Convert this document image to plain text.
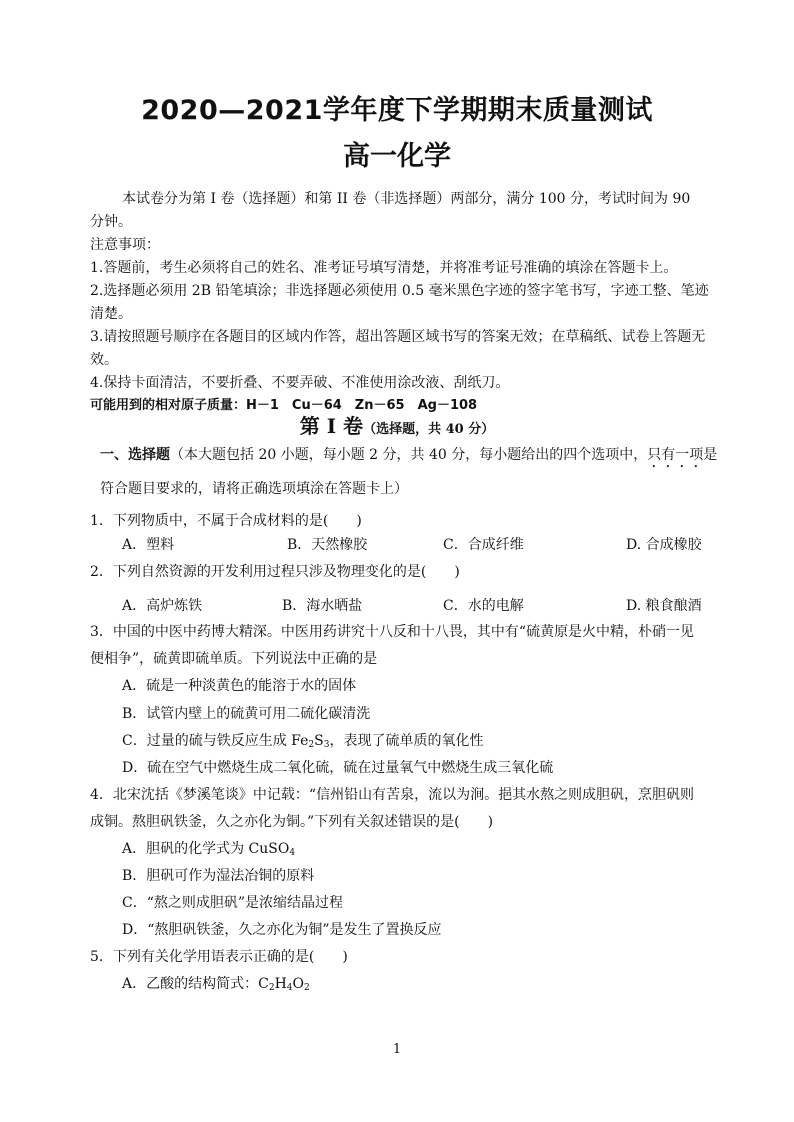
2020—2021学年度下学期期末质量测试
高一化学
本试卷分为第 I 卷（选择题）和第 II 卷（非选择题）两部分，满分 100 分，考试时间为 90
分钟。
注意事项：
1.答题前，考生必须将自己的姓名、准考证号填写清楚，并将准考证号准确的填涂在答题卡上。
2.选择题必须用 2B 铅笔填涂；非选择题必须使用 0.5 毫米黑色字迹的签字笔书写，字迹工整、笔迹
清楚。
3.请按照题号顺序在各题目的区域内作答，超出答题区域书写的答案无效；在草稿纸、试卷上答题无
效。
4.保持卡面清洁，不要折叠、不要弄破、不准使用涂改液、刮纸刀。
可能用到的相对原子质量：H－1　Cu－64　Zn－65　Ag－108
第 I 卷（选择题，共 40 分）
一、选择题（本大题包括 20 小题，每小题 2 分，共 40 分，每小题给出的四个选项中，只有一项是
符合题目要求的，请将正确选项填涂在答题卡上）
1．下列物质中，不属于合成材料的是(　　)
A．塑料	B．天然橡胶	C．合成纤维	D. 合成橡胶
2．下列自然资源的开发利用过程只涉及物理变化的是(　　)
A．高炉炼铁	B．海水晒盐	C．水的电解	D. 粮食酿酒
3．中国的中医中药博大精深。中医用药讲究十八反和十八畏，其中有“硫黄原是火中精，朴硝一见
便相争”，硫黄即硫单质。下列说法中正确的是
A．硫是一种淡黄色的能溶于水的固体
B．试管内壁上的硫黄可用二硫化碳清洗
C．过量的硫与铁反应生成 $Fe_2S_3$，表现了硫单质的氧化性
D．硫在空气中燃烧生成二氧化硫，硫在过量氧气中燃烧生成三氧化硫
4．北宋沈括《梦溪笔谈》中记载：“信州铅山有苦泉，流以为涧。挹其水熬之则成胆矾，烹胆矾则
成铜。熬胆矾铁釜，久之亦化为铜。”下列有关叙述错误的是(　　)
A．胆矾的化学式为 CuSO$_4$
B．胆矾可作为湿法冶铜的原料
C．“熬之则成胆矾”是浓缩结晶过程
D．“熬胆矾铁釜，久之亦化为铜”是发生了置换反应
5．下列有关化学用语表示正确的是(　　)
A．乙酸的结构简式：$C_2H_4O_2$
1
